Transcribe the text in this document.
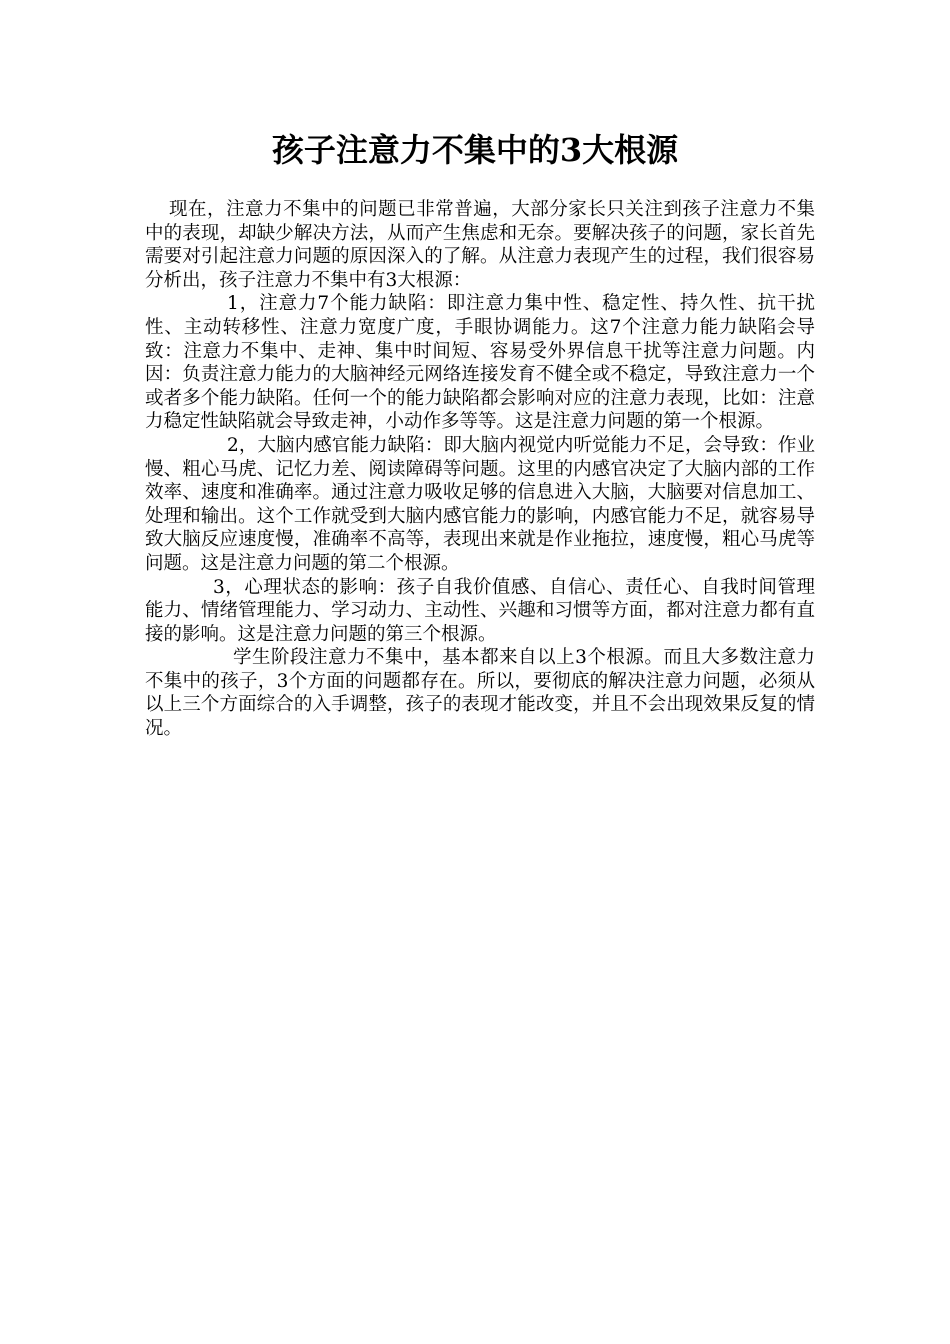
孩子注意力不集中的3大根源

现在，注意力不集中的问题已非常普遍，大部分家长只关注到孩子注意力不集中的表现，却缺少解决方法，从而产生焦虑和无奈。要解决孩子的问题，家长首先需要对引起注意力问题的原因深入的了解。从注意力表现产生的过程，我们很容易分析出，孩子注意力不集中有3大根源：

1，注意力7个能力缺陷：即注意力集中性、稳定性、持久性、抗干扰性、主动转移性、注意力宽度广度，手眼协调能力。这7个注意力能力缺陷会导致：注意力不集中、走神、集中时间短、容易受外界信息干扰等注意力问题。内因：负责注意力能力的大脑神经元网络连接发育不健全或不稳定，导致注意力一个或者多个能力缺陷。任何一个的能力缺陷都会影响对应的注意力表现，比如：注意力稳定性缺陷就会导致走神，小动作多等等。这是注意力问题的第一个根源。

2，大脑内感官能力缺陷：即大脑内视觉内听觉能力不足，会导致：作业慢、粗心马虎、记忆力差、阅读障碍等问题。这里的内感官决定了大脑内部的工作效率、速度和准确率。通过注意力吸收足够的信息进入大脑，大脑要对信息加工、处理和输出。这个工作就受到大脑内感官能力的影响，内感官能力不足，就容易导致大脑反应速度慢，准确率不高等，表现出来就是作业拖拉，速度慢，粗心马虎等问题。这是注意力问题的第二个根源。

3，心理状态的影响：孩子自我价值感、自信心、责任心、自我时间管理能力、情绪管理能力、学习动力、主动性、兴趣和习惯等方面，都对注意力都有直接的影响。这是注意力问题的第三个根源。

学生阶段注意力不集中，基本都来自以上3个根源。而且大多数注意力不集中的孩子，3个方面的问题都存在。所以，要彻底的解决注意力问题，必须从以上三个方面综合的入手调整，孩子的表现才能改变，并且不会出现效果反复的情况。
